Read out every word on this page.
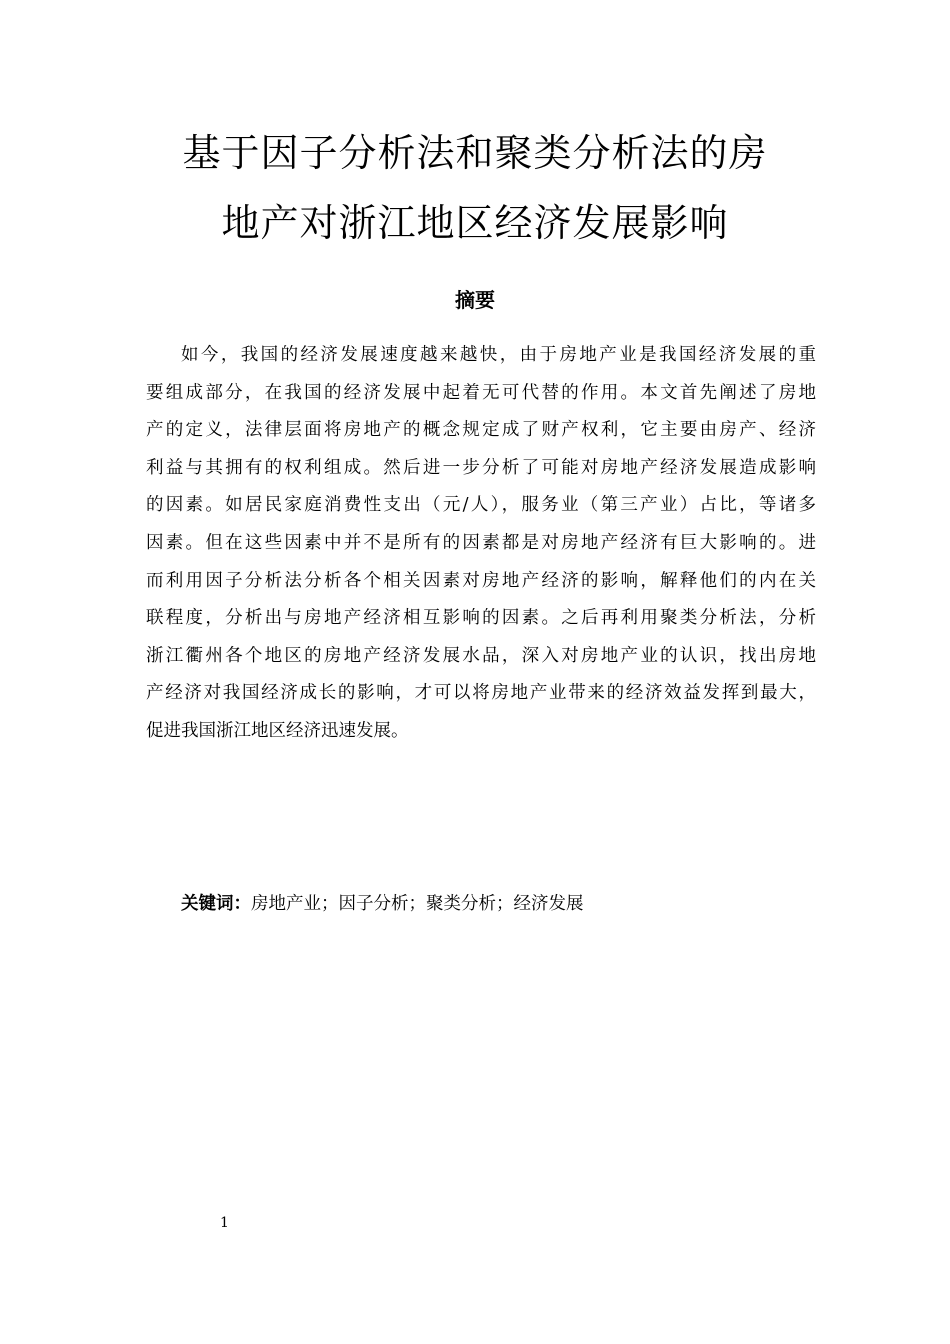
基于因子分析法和聚类分析法的房
地产对浙江地区经济发展影响
摘要
如今，我国的经济发展速度越来越快，由于房地产业是我国经济发展的重
要组成部分，在我国的经济发展中起着无可代替的作用。本文首先阐述了房地
产的定义，法律层面将房地产的概念规定成了财产权利，它主要由房产、经济
利益与其拥有的权利组成。然后进一步分析了可能对房地产经济发展造成影响
的因素。如居民家庭消费性支出（元/人），服务业（第三产业）占比，等诸多
因素。但在这些因素中并不是所有的因素都是对房地产经济有巨大影响的。进
而利用因子分析法分析各个相关因素对房地产经济的影响，解释他们的内在关
联程度，分析出与房地产经济相互影响的因素。之后再利用聚类分析法，分析
浙江衢州各个地区的房地产经济发展水品，深入对房地产业的认识，找出房地
产经济对我国经济成长的影响，才可以将房地产业带来的经济效益发挥到最大，
促进我国浙江地区经济迅速发展。
关键词：房地产业；因子分析；聚类分析；经济发展
1
